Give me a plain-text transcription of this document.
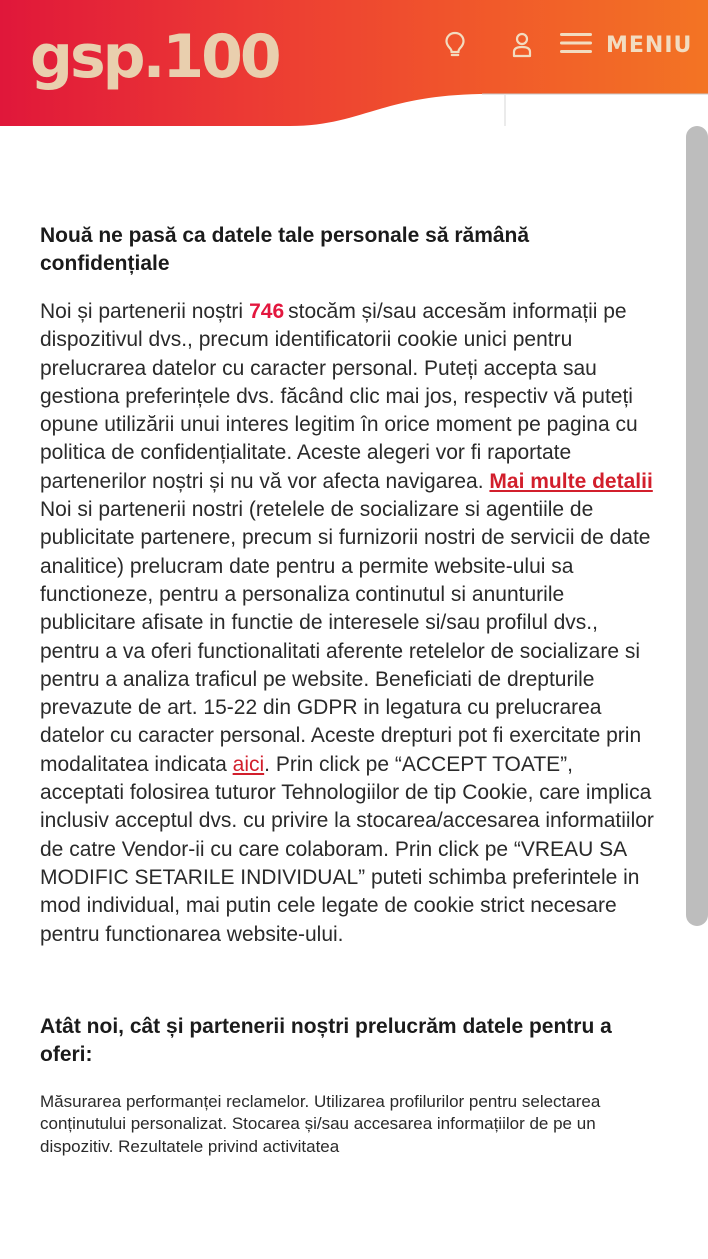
gsp.100	MENIU
Nouă ne pasă ca datele tale personale să rămână confidențiale

Noi și partenerii noștri 746 stocăm și/sau accesăm informații pe dispozitivul dvs., precum identificatorii cookie unici pentru prelucrarea datelor cu caracter personal. Puteți accepta sau gestiona preferințele dvs. făcând clic mai jos, respectiv vă puteți opune utilizării unui interes legitim în orice moment pe pagina cu politica de confidențialitate. Aceste alegeri vor fi raportate partenerilor noștri și nu vă vor afecta navigarea. Mai multe detalii
Noi si partenerii nostri (retelele de socializare si agentiile de publicitate partenere, precum si furnizorii nostri de servicii de date analitice) prelucram date pentru a permite website-ului sa functioneze, pentru a personaliza continutul si anunturile publicitare afisate in functie de interesele si/sau profilul dvs., pentru a va oferi functionalitati aferente retelelor de socializare si pentru a analiza traficul pe website. Beneficiati de drepturile prevazute de art. 15-22 din GDPR in legatura cu prelucrarea datelor cu caracter personal. Aceste drepturi pot fi exercitate prin modalitatea indicata aici. Prin click pe “ACCEPT TOATE”, acceptati folosirea tuturor Tehnologiilor de tip Cookie, care implica inclusiv acceptul dvs. cu privire la stocarea/accesarea informatiilor de catre Vendor-ii cu care colaboram. Prin click pe “VREAU SA MODIFIC SETARILE INDIVIDUAL” puteti schimba preferintele in mod individual, mai putin cele legate de cookie strict necesare pentru functionarea website-ului.

Atât noi, cât și partenerii noștri prelucrăm datele pentru a oferi:

Măsurarea performanței reclamelor. Utilizarea profilurilor pentru selectarea conținutului personalizat. Stocarea și/sau accesarea informațiilor de pe un dispozitiv. Rezultatele privind activitatea
